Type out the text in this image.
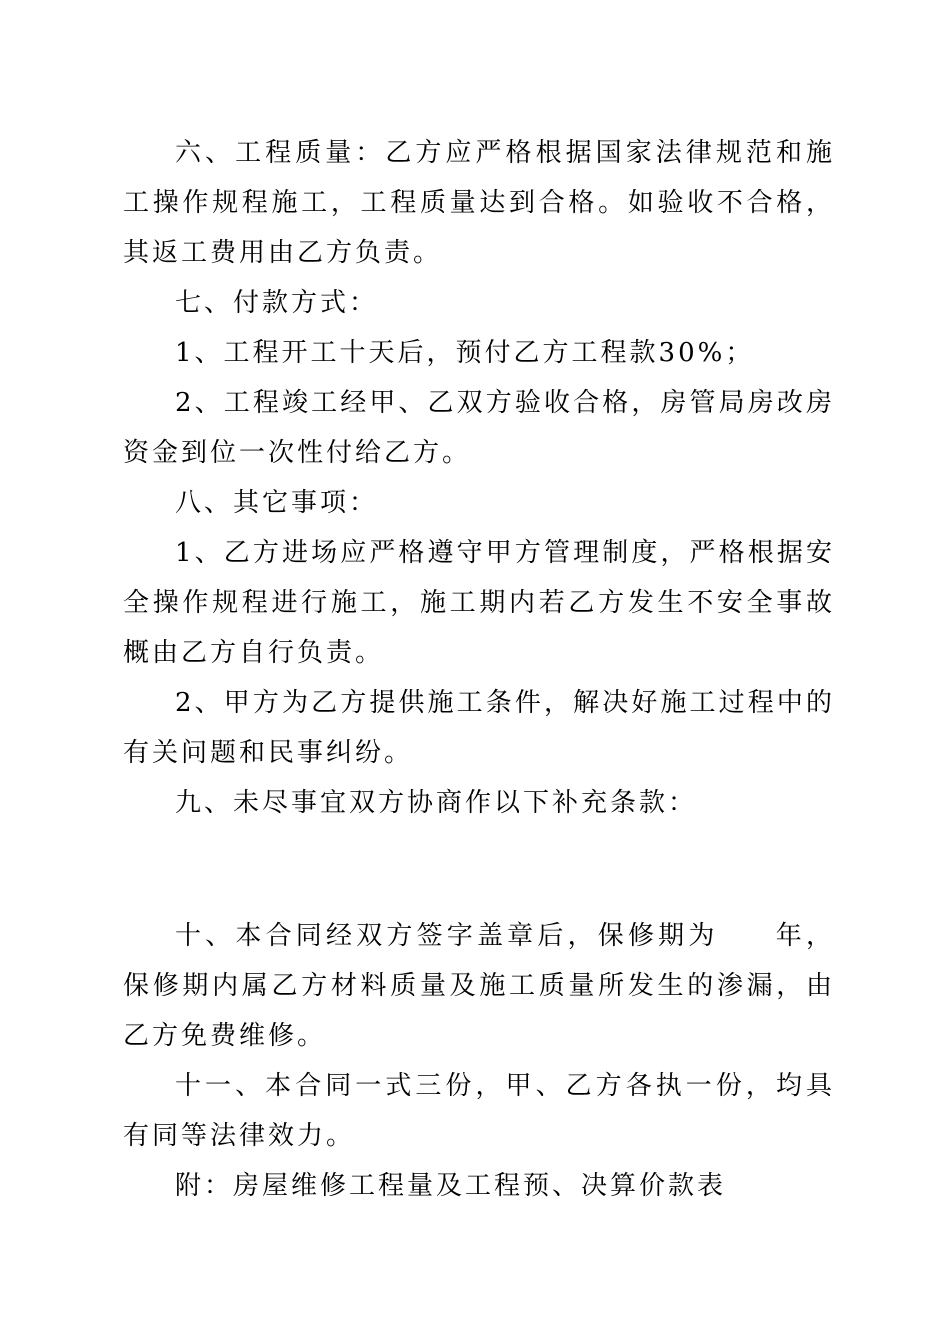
六、工程质量：乙方应严格根据国家法律规范和施工操作规程施工，工程质量达到合格。如验收不合格，其返工费用由乙方负责。

七、付款方式：

1、工程开工十天后，预付乙方工程款30%；

2、工程竣工经甲、乙双方验收合格，房管局房改房资金到位一次性付给乙方。

八、其它事项：

1、乙方进场应严格遵守甲方管理制度，严格根据安全操作规程进行施工，施工期内若乙方发生不安全事故概由乙方自行负责。

2、甲方为乙方提供施工条件，解决好施工过程中的有关问题和民事纠纷。

九、未尽事宜双方协商作以下补充条款：

十、本合同经双方签字盖章后，保修期为 年，保修期内属乙方材料质量及施工质量所发生的渗漏，由乙方免费维修。

十一、本合同一式三份，甲、乙方各执一份，均具有同等法律效力。

附：房屋维修工程量及工程预、决算价款表
